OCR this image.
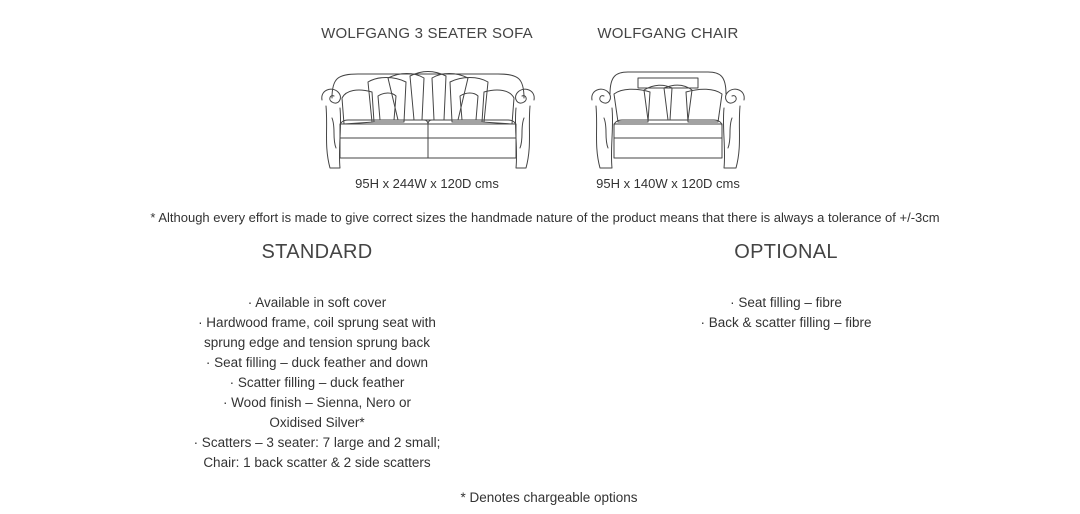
WOLFGANG 3 SEATER SOFA
95H x 244W x 120D cms
WOLFGANG CHAIR
95H x 140W x 120D cms
* Although every effort is made to give correct sizes the handmade nature of the product means that there is always a tolerance of +/-3cm
STANDARD
· Available in soft cover
· Hardwood frame, coil sprung seat with
sprung edge and tension sprung back
· Seat filling – duck feather and down
· Scatter filling – duck feather
· Wood finish – Sienna, Nero or
Oxidised Silver*
· Scatters – 3 seater: 7 large and 2 small;
Chair: 1 back scatter & 2 side scatters
OPTIONAL
· Seat filling – fibre
· Back & scatter filling – fibre
* Denotes chargeable options
